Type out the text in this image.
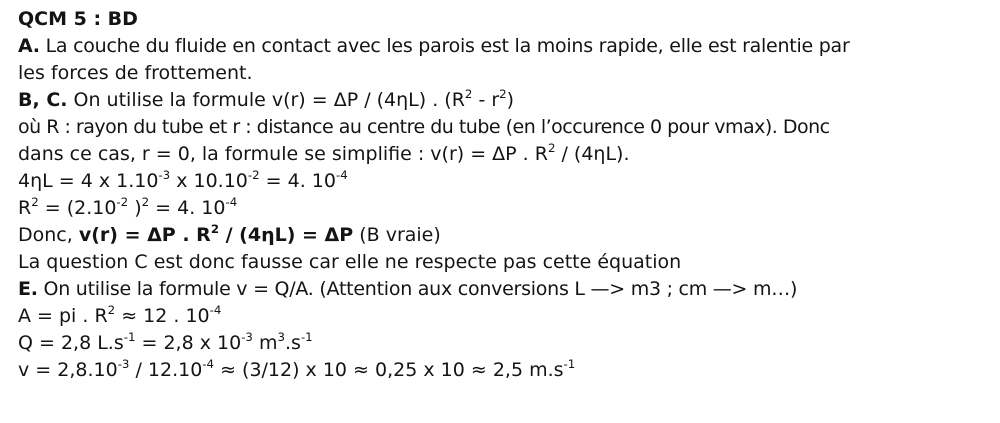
QCM 5 : BD
A. La couche du fluide en contact avec les parois est la moins rapide, elle est ralentie par
les forces de frottement.
B, C. On utilise la formule v(r) = ΔP / (4ηL) . $(R^2 - r^2)$
où R : rayon du tube et r : distance au centre du tube (en l’occurence 0 pour vmax). Donc
dans ce cas, r = 0, la formule se simplifie : v(r) = ΔP . $R^2 / (4\eta L)$.
4ηL = 4 x $1.10^{-3}$ x $10.10^{-2} = 4$. $10^{-4}$
$R^2 = (2.10^{-2}$ )$^2$ = 4. $10^{-4}$
Donc, v(r) = ΔP . $R^2 / (4\eta L) = \Delta P$ (B vraie)
La question C est donc fausse car elle ne respecte pas cette équation
E. On utilise la formule v = Q/A. (Attention aux conversions L —> m3 ; cm —> m…)
A = pi . $R^2 \approx 12$ . $10^{-4}$
Q = 2,8 $L.s^{-1} = 2,8$ x $10^{-3}$ $m^3.s^{-1}$
$v = 2,8.10^{-3} / 12.10^{-4} \approx (3/12)$ x 10 ≈ 0,25 x 10 ≈ 2,5 $m.s^{-1}$
